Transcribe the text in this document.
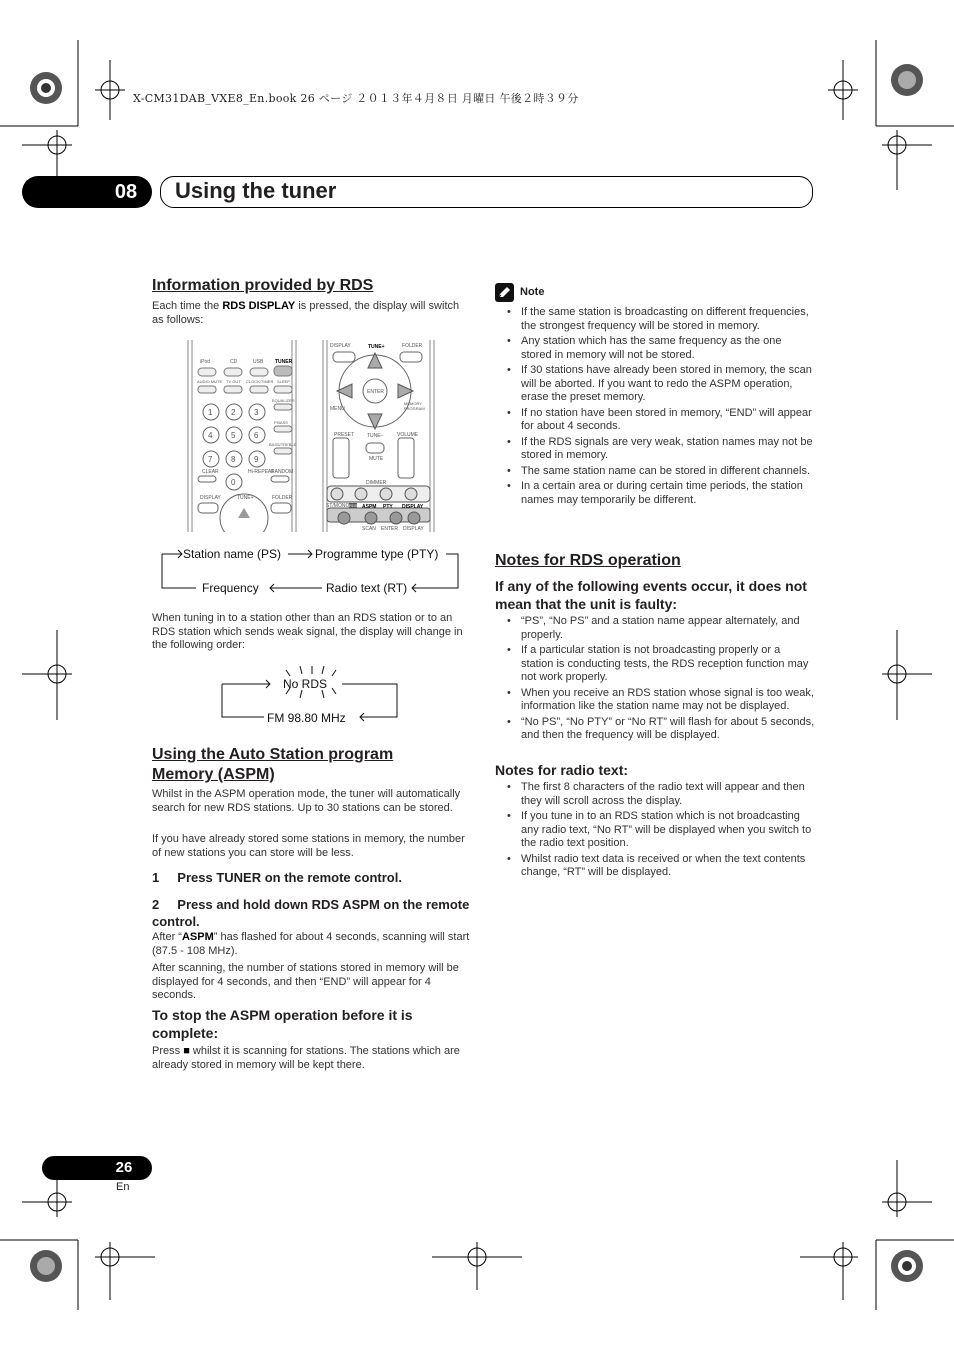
X-CM31DAB_VXE8_En.book 26 ページ ２０１３年４月８日 月曜日 午後２時３９分
08	Using the tuner
Information provided by RDS
Each time the RDS DISPLAY is pressed, the display will switch as follows:
iPod	CD	USB TUNER
AUDIO MUTE TV OUT CLOCK/TIMER SLEEP
EQUALIZER
P.BASS
BASS/TREBLE
1 2 3
4 5 6
7 8 9
0
CLEAR	Hi-REPEAT
RANDOM
DISPLAY	TUNE+	FOLDER
DISPLAY	TUNE+	FOLDER
ENTER
MENU
MEMORY PROGRAM
PRESET	TUNE–	VOLUME
MUTE
DIMMER
ST/MONO RDS ASPM PTY DISPLAY
SCAN ENTER DISPLAY
Station name (PS)	Programme type (PTY)
Frequency	Radio text (RT)
When tuning in to a station other than an RDS station or to an RDS station which sends weak signal, the display will change in the following order:
No RDS
FM 98.80 MHz
Using the Auto Station program Memory (ASPM)
Whilst in the ASPM operation mode, the tuner will automatically search for new RDS stations. Up to 30 stations can be stored.
If you have already stored some stations in memory, the number of new stations you can store will be less.
1     Press TUNER on the remote control.
2     Press and hold down RDS ASPM on the remote control.
After “ASPM” has flashed for about 4 seconds, scanning will start (87.5 - 108 MHz).
After scanning, the number of stations stored in memory will be displayed for 4 seconds, and then “END” will appear for 4 seconds.
To stop the ASPM operation before it is complete:
Press ■ whilst it is scanning for stations. The stations which are already stored in memory will be kept there.
Note
• If the same station is broadcasting on different frequencies, the strongest frequency will be stored in memory.
• Any station which has the same frequency as the one stored in memory will not be stored.
• If 30 stations have already been stored in memory, the scan will be aborted. If you want to redo the ASPM operation, erase the preset memory.
• If no station have been stored in memory, “END” will appear for about 4 seconds.
• If the RDS signals are very weak, station names may not be stored in memory.
• The same station name can be stored in different channels.
• In a certain area or during certain time periods, the station names may temporarily be different.
Notes for RDS operation
If any of the following events occur, it does not mean that the unit is faulty:
• “PS”, “No PS” and a station name appear alternately, and properly.
• If a particular station is not broadcasting properly or a station is conducting tests, the RDS reception function may not work properly.
• When you receive an RDS station whose signal is too weak, information like the station name may not be displayed.
• “No PS”, “No PTY” or “No RT” will flash for about 5 seconds, and then the frequency will be displayed.
Notes for radio text:
• The first 8 characters of the radio text will appear and then they will scroll across the display.
• If you tune in to an RDS station which is not broadcasting any radio text, “No RT” will be displayed when you switch to the radio text position.
• Whilst radio text data is received or when the text contents change, “RT” will be displayed.
26
En
